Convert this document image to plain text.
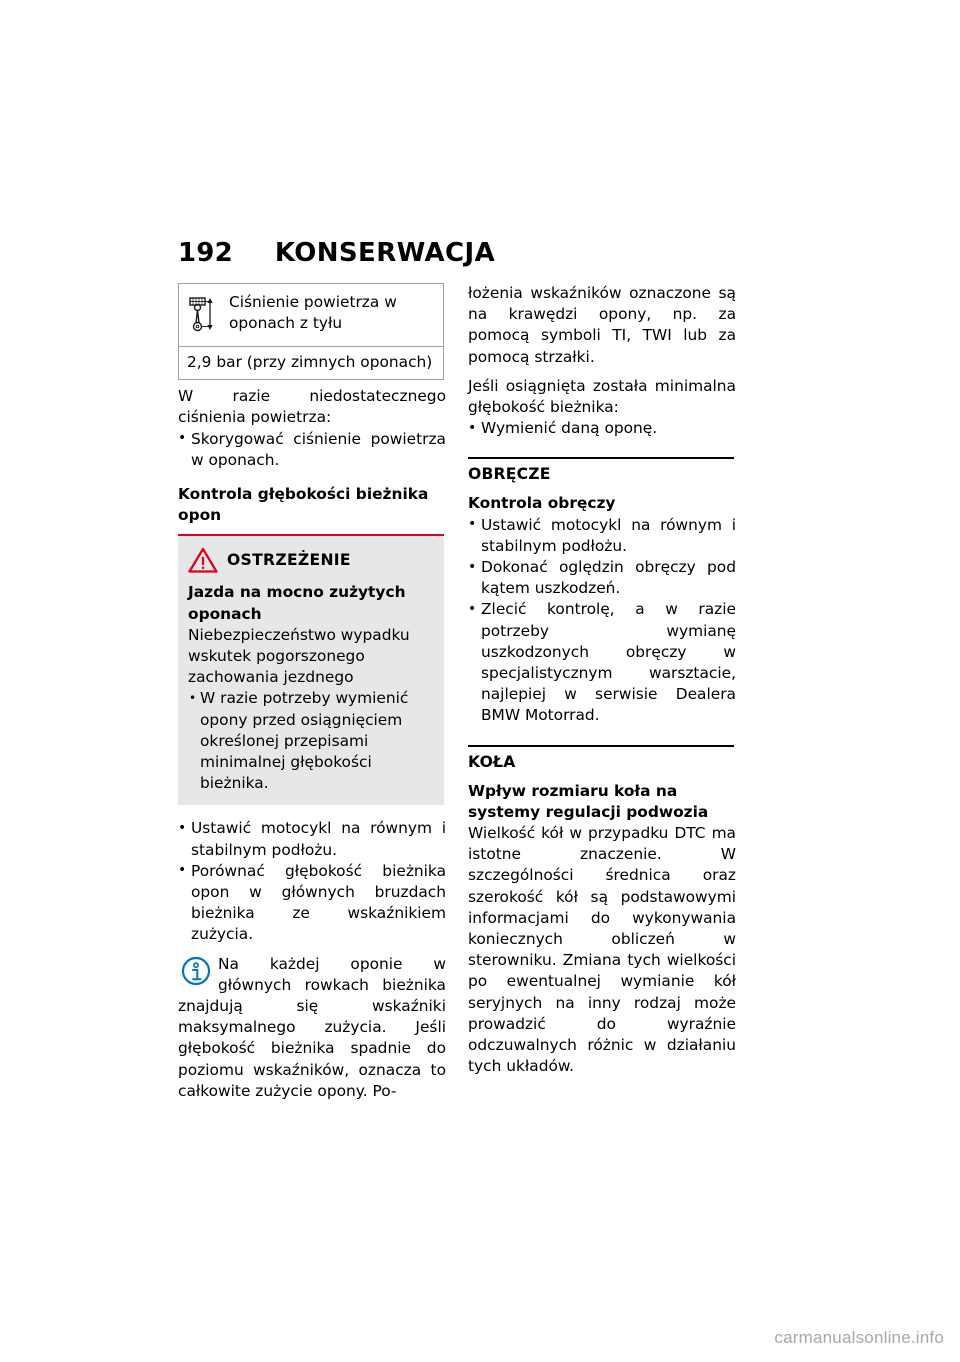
192 KONSERWACJA
Ciśnienie powietrza w oponach z tyłu
2,9 bar (przy zimnych oponach)

W razie niedostatecznego ciśnienia powietrza:

• Skorygować ciśnienie powietrza w oponach.
Kontrola głębokości bieżnika opon
OSTRZEŻENIE

Jazda na mocno zużytych oponach

Niebezpieczeństwo wypadku wskutek pogorszonego zachowania jezdnego

• W razie potrzeby wymienić opony przed osiągnięciem określonej przepisami minimalnej głębokości bieżnika.
• Ustawić motocykl na równym i stabilnym podłożu.
• Porównać głębokość bieżnika opon w głównych bruzdach bieżnika ze wskaźnikiem zużycia.

Na każdej oponie w głównych rowkach bieżnika znajdują się wskaźniki maksymalnego zużycia. Jeśli głębokość bieżnika spadnie do poziomu wskaźników, oznacza to całkowite zużycie opony. Po-

łożenia wskaźników oznaczone są na krawędzi opony, np. za pomocą symboli TI, TWI lub za pomocą strzałki.

Jeśli osiągnięta została minimalna głębokość bieżnika:

• Wymienić daną oponę.
OBRĘCZE
Kontrola obręczy
• Ustawić motocykl na równym i stabilnym podłożu.
• Dokonać oględzin obręczy pod kątem uszkodzeń.
• Zlecić kontrolę, a w razie potrzeby wymianę uszkodzonych obręczy w specjalistycznym warsztacie, najlepiej w serwisie Dealera BMW Motorrad.
KOŁA
Wpływ rozmiaru koła na systemy regulacji podwozia

Wielkość kół w przypadku DTC ma istotne znaczenie. W szczególności średnica oraz szerokość kół są podstawowymi informacjami do wykonywania koniecznych obliczeń w sterowniku. Zmiana tych wielkości po ewentualnej wymianie kół seryjnych na inny rodzaj może prowadzić do wyraźnie odczuwalnych różnic w działaniu tych układów.

carmanualsonline.info
